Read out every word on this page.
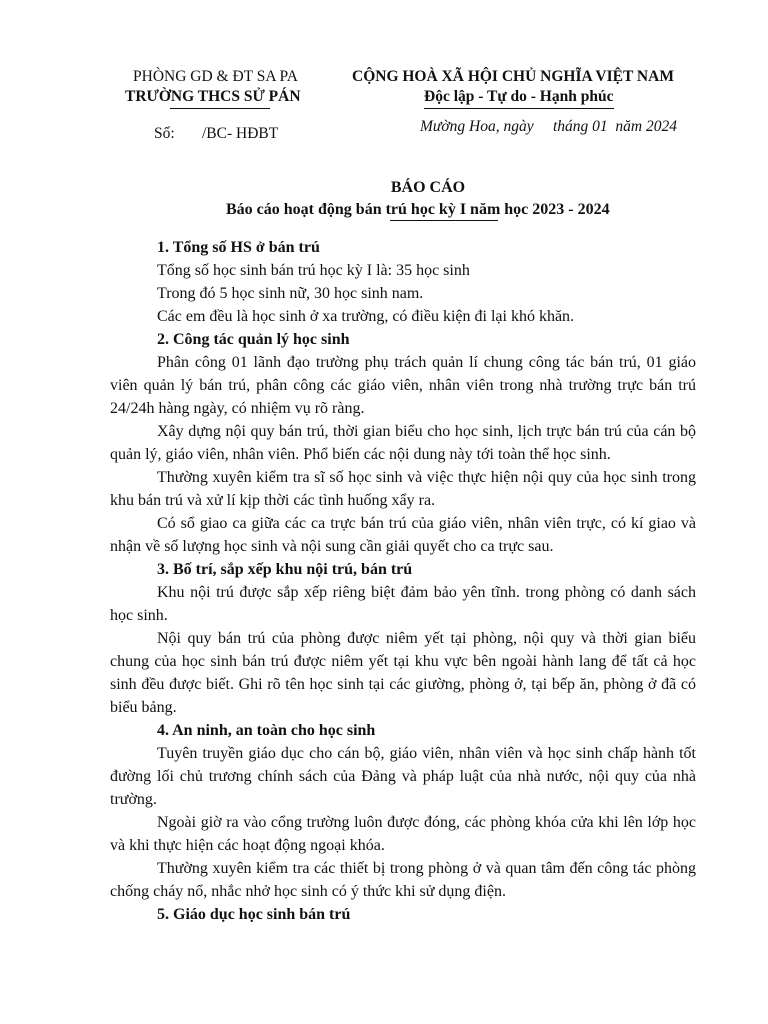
PHÒNG GD & ĐT SA PA
TRƯỜNG THCS SỬ PÁN
CỘNG HOÀ XÃ HỘI CHỦ NGHĨA VIỆT NAM
Độc lập - Tự do - Hạnh phúc
Số: /BC- HĐBT	Mường Hoa, ngày     tháng 01  năm 2024
BÁO CÁO
Báo cáo hoạt động bán trú học kỳ I năm học 2023 - 2024
1. Tổng số HS ở bán trú

Tổng số học sinh bán trú học kỳ I là: 35 học sinh

Trong đó 5 học sinh nữ, 30 học sinh nam.

Các em đều là học sinh ở xa trường, có điều kiện đi lại khó khăn.

2. Công tác quản lý học sinh

Phân công 01 lãnh đạo trường phụ trách quản lí chung công tác bán trú, 01 giáo viên quản lý bán trú, phân công các giáo viên, nhân viên trong nhà trường trực bán trú 24/24h hàng ngày, có nhiệm vụ rõ ràng.

Xây dựng nội quy bán trú, thời gian biểu cho học sinh, lịch trực bán trú của cán bộ quản lý, giáo viên, nhân viên. Phổ biến các nội dung này tới toàn thể học sinh.

Thường xuyên kiểm tra sĩ số học sinh và việc thực hiện nội quy của học sinh trong khu bán trú và xử lí kịp thời các tình huống xẩy ra.

Có sổ giao ca giữa các ca trực bán trú của giáo viên, nhân viên trực, có kí giao và nhận về số lượng học sinh và nội sung cần giải quyết cho ca trực sau.

3. Bố trí, sắp xếp khu nội trú, bán trú

Khu nội trú được sắp xếp riêng biệt đảm bảo yên tĩnh. trong phòng có danh sách học sinh.

Nội quy bán trú của phòng được niêm yết tại phòng, nội quy và thời gian biểu chung của học sinh bán trú được niêm yết tại khu vực bên ngoài hành lang để tất cả học sinh đều được biết. Ghi rõ tên học sinh tại các giường, phòng ở, tại bếp ăn, phòng ở đã có biểu bảng.

4. An ninh, an toàn cho học sinh

Tuyên truyền giáo dục cho cán bộ, giáo viên, nhân viên và học sinh chấp hành tốt đường lối chủ trương chính sách của Đảng và pháp luật của nhà nước, nội quy của nhà trường.

Ngoài giờ ra vào cổng trường luôn được đóng, các phòng khóa cửa khi lên lớp học và khi thực hiện các hoạt động ngoại khóa.

Thường xuyên kiểm tra các thiết bị trong phòng ở và quan tâm đến công tác phòng chống cháy nổ, nhắc nhở học sinh có ý thức khi sử dụng điện.

5. Giáo dục học sinh bán trú
